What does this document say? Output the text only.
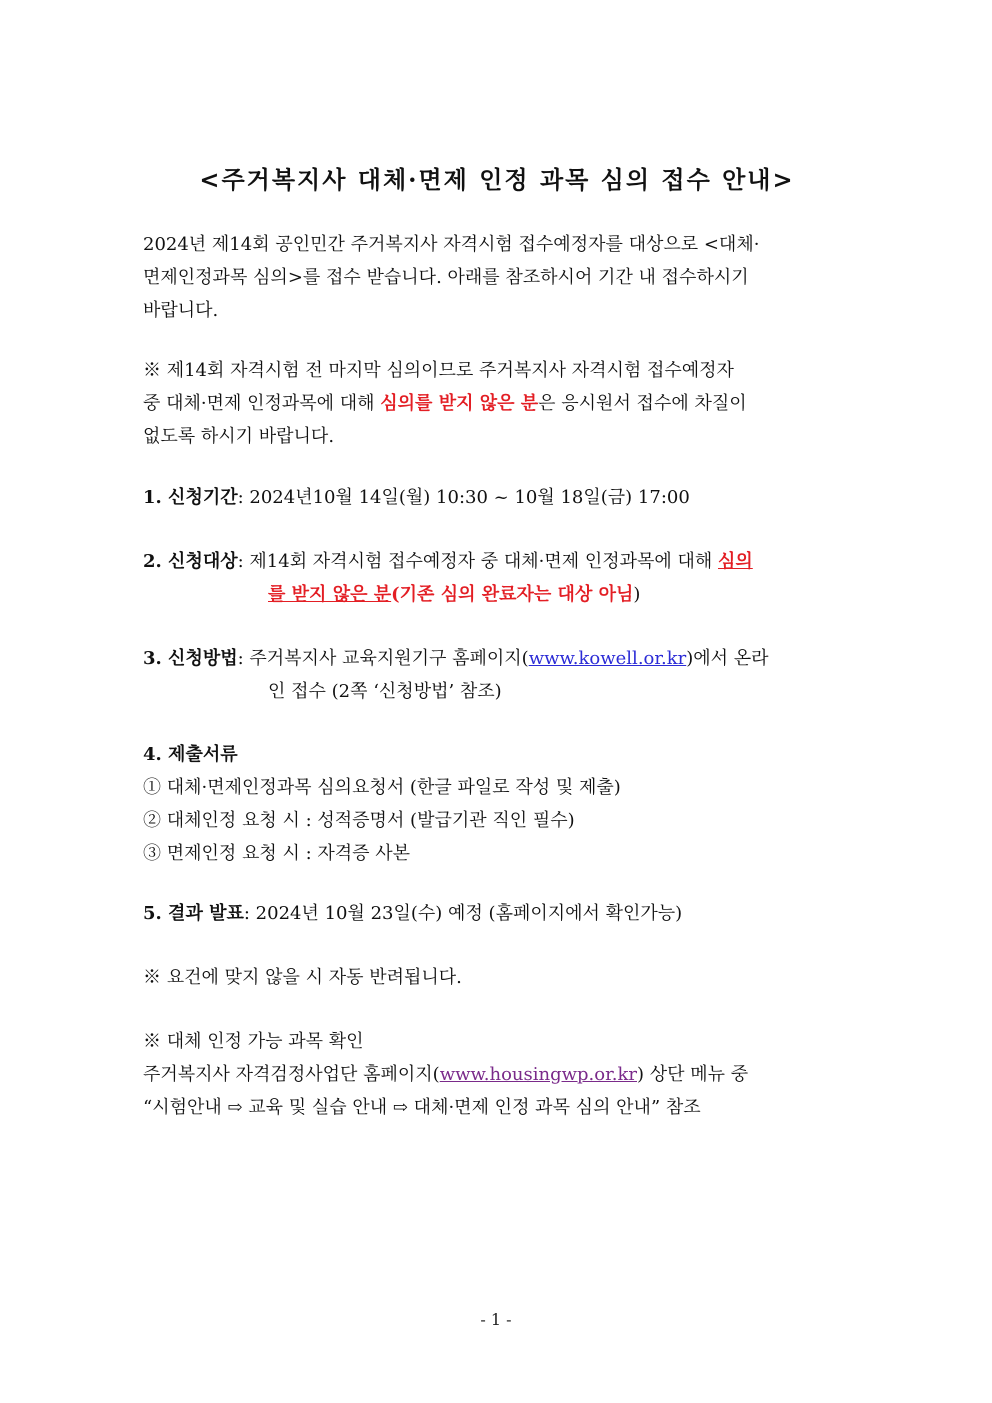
<주거복지사 대체·면제 인정 과목 심의 접수 안내>
2024년 제14회 공인민간 주거복지사 자격시험 접수예정자를 대상으로 <대체·
면제인정과목 심의>를 접수 받습니다. 아래를 참조하시어 기간 내 접수하시기
바랍니다.
※ 제14회 자격시험 전 마지막 심의이므로 주거복지사 자격시험 접수예정자
중 대체·면제 인정과목에 대해 심의를 받지 않은 분은 응시원서 접수에 차질이
없도록 하시기 바랍니다.
1. 신청기간: 2024년10월 14일(월) 10:30 ~ 10월 18일(금) 17:00
2. 신청대상: 제14회 자격시험 접수예정자 중 대체·면제 인정과목에 대해 심의
를 받지 않은 분(기존 심의 완료자는 대상 아님)
3. 신청방법: 주거복지사 교육지원기구 홈페이지(www.kowell.or.kr)에서 온라
인 접수 (2쪽 ‘신청방법’ 참조)
4. 제출서류
① 대체·면제인정과목 심의요청서 (한글 파일로 작성 및 제출)
② 대체인정 요청 시 : 성적증명서 (발급기관 직인 필수)
③ 면제인정 요청 시 : 자격증 사본
5. 결과 발표: 2024년 10월 23일(수) 예정 (홈페이지에서 확인가능)
※ 요건에 맞지 않을 시 자동 반려됩니다.
※ 대체 인정 가능 과목 확인
주거복지사 자격검정사업단 홈페이지(www.housingwp.or.kr) 상단 메뉴 중
“시험안내 ⇨ 교육 및 실습 안내 ⇨ 대체·면제 인정 과목 심의 안내” 참조
- 1 -
